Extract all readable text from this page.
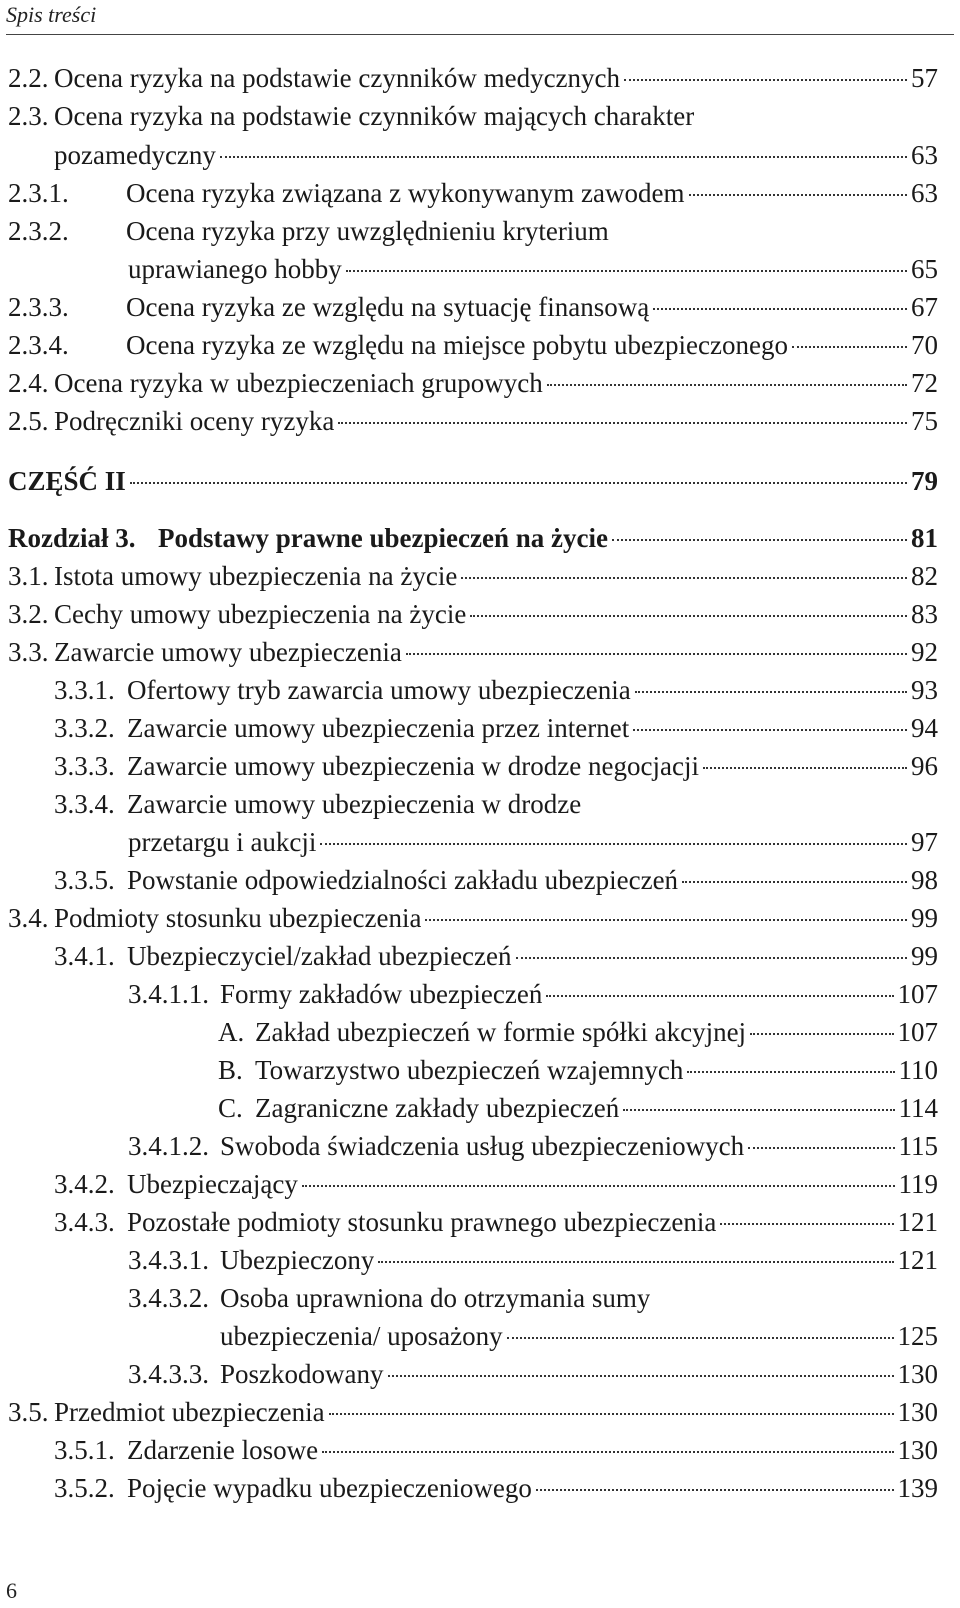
Spis treści
2.2. Ocena ryzyka na podstawie czynników medycznych	57
2.3. Ocena ryzyka na podstawie czynników mających charakter
pozamedyczny	63
2.3.1.	Ocena ryzyka związana z wykonywanym zawodem	63
2.3.2.	Ocena ryzyka przy uwzględnieniu kryterium
uprawianego hobby	65
2.3.3.	Ocena ryzyka ze względu na sytuację finansową	67
2.3.4.	Ocena ryzyka ze względu na miejsce pobytu ubezpieczonego	70
2.4. Ocena ryzyka w ubezpieczeniach grupowych	72
2.5. Podręczniki oceny ryzyka	75
CZĘŚĆ II	79
Rozdział 3. Podstawy prawne ubezpieczeń na życie	81
3.1. Istota umowy ubezpieczenia na życie	82
3.2. Cechy umowy ubezpieczenia na życie	83
3.3. Zawarcie umowy ubezpieczenia	92
3.3.1. Ofertowy tryb zawarcia umowy ubezpieczenia	93
3.3.2. Zawarcie umowy ubezpieczenia przez internet	94
3.3.3. Zawarcie umowy ubezpieczenia w drodze negocjacji	96
3.3.4. Zawarcie umowy ubezpieczenia w drodze
przetargu i aukcji	97
3.3.5. Powstanie odpowiedzialności zakładu ubezpieczeń	98
3.4. Podmioty stosunku ubezpieczenia	99
3.4.1. Ubezpieczyciel/zakład ubezpieczeń	99
3.4.1.1. Formy zakładów ubezpieczeń	107
A. Zakład ubezpieczeń w formie spółki akcyjnej	107
B. Towarzystwo ubezpieczeń wzajemnych	110
C. Zagraniczne zakłady ubezpieczeń	114
3.4.1.2. Swoboda świadczenia usług ubezpieczeniowych	115
3.4.2. Ubezpieczający	119
3.4.3. Pozostałe podmioty stosunku prawnego ubezpieczenia	121
3.4.3.1. Ubezpieczony	121
3.4.3.2. Osoba uprawniona do otrzymania sumy
ubezpieczenia/ uposażony	125
3.4.3.3. Poszkodowany	130
3.5. Przedmiot ubezpieczenia	130
3.5.1. Zdarzenie losowe	130
3.5.2. Pojęcie wypadku ubezpieczeniowego	139
6
